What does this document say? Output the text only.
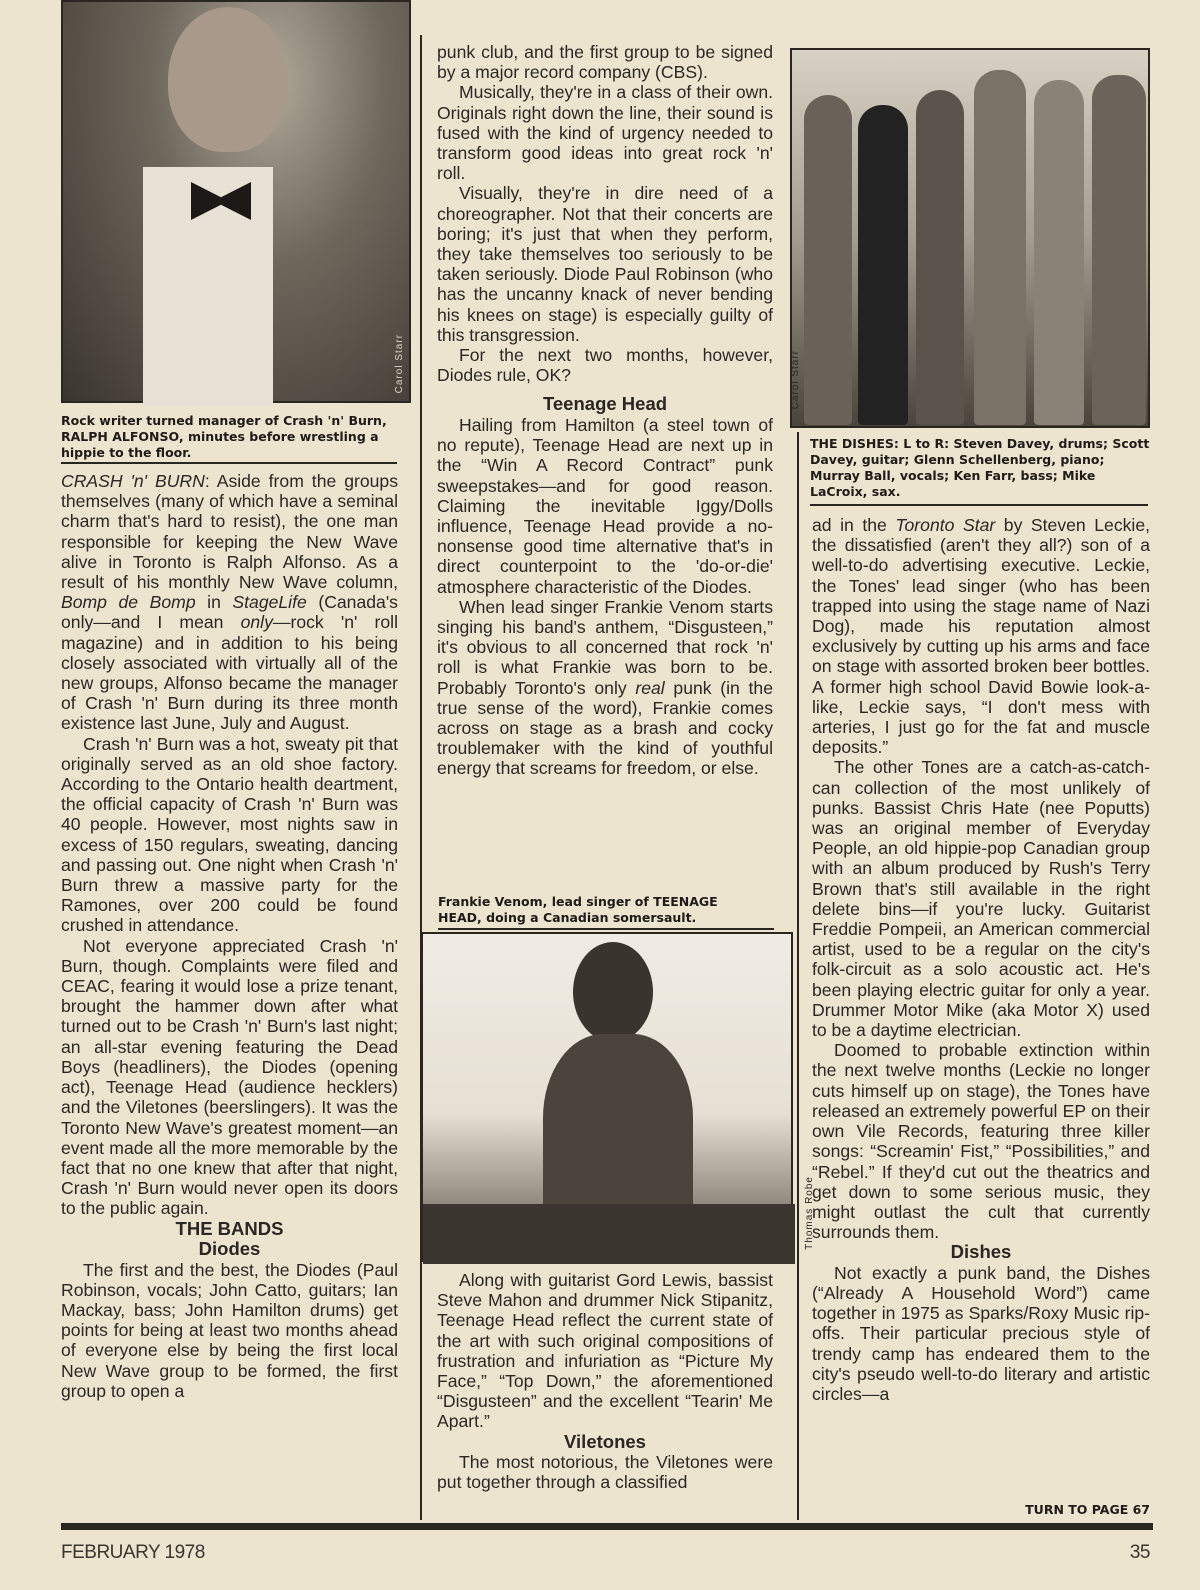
Carol Starr
Rock writer turned manager of Crash 'n' Burn, RALPH ALFONSO, minutes before wrestling a hippie to the floor.
Carol Starr
THE DISHES: L to R: Steven Davey, drums; Scott Davey, guitar; Glenn Schellenberg, piano; Murray Ball, vocals; Ken Farr, bass; Mike LaCroix, sax.
Frankie Venom, lead singer of TEENAGE HEAD, doing a Canadian somersault.
Thomas Robe

CRASH 'n' BURN: Aside from the groups themselves (many of which have a seminal charm that's hard to resist), the one man responsible for keeping the New Wave alive in Toronto is Ralph Alfonso. As a result of his monthly New Wave column, Bomp de Bomp in StageLife (Canada's only—and I mean only—rock 'n' roll magazine) and in addition to his being closely associated with virtually all of the new groups, Alfonso became the manager of Crash 'n' Burn during its three month existence last June, July and August.

Crash 'n' Burn was a hot, sweaty pit that originally served as an old shoe factory. According to the Ontario health deartment, the official capacity of Crash 'n' Burn was 40 people. However, most nights saw in excess of 150 regulars, sweating, dancing and passing out. One night when Crash 'n' Burn threw a massive party for the Ramones, over 200 could be found crushed in attendance.

Not everyone appreciated Crash 'n' Burn, though. Complaints were filed and CEAC, fearing it would lose a prize tenant, brought the hammer down after what turned out to be Crash 'n' Burn's last night; an all-star evening featuring the Dead Boys (headliners), the Diodes (opening act), Teenage Head (audience hecklers) and the Viletones (beerslingers). It was the Toronto New Wave's greatest moment—an event made all the more memorable by the fact that no one knew that after that night, Crash 'n' Burn would never open its doors to the public again.

THE BANDS
Diodes

The first and the best, the Diodes (Paul Robinson, vocals; John Catto, guitars; Ian Mackay, bass; John Hamilton drums) get points for being at least two months ahead of everyone else by being the first local New Wave group to be formed, the first group to open a

punk club, and the first group to be signed by a major record company (CBS).

Musically, they're in a class of their own. Originals right down the line, their sound is fused with the kind of urgency needed to transform good ideas into great rock 'n' roll.

Visually, they're in dire need of a choreographer. Not that their concerts are boring; it's just that when they perform, they take themselves too seriously to be taken seriously. Diode Paul Robinson (who has the uncanny knack of never bending his knees on stage) is especially guilty of this transgression.

For the next two months, however, Diodes rule, OK?

Teenage Head

Hailing from Hamilton (a steel town of no repute), Teenage Head are next up in the “Win A Record Contract” punk sweepstakes—and for good reason. Claiming the inevitable Iggy/Dolls influence, Teenage Head provide a no-nonsense good time alternative that's in direct counterpoint to the 'do-or-die' atmosphere characteristic of the Diodes.

When lead singer Frankie Venom starts singing his band's anthem, “Disgusteen,” it's obvious to all concerned that rock 'n' roll is what Frankie was born to be. Probably Toronto's only real punk (in the true sense of the word), Frankie comes across on stage as a brash and cocky troublemaker with the kind of youthful energy that screams for freedom, or else.

Along with guitarist Gord Lewis, bassist Steve Mahon and drummer Nick Stipanitz, Teenage Head reflect the current state of the art with such original compositions of frustration and infuriation as “Picture My Face,” “Top Down,” the aforementioned “Disgusteen” and the excellent “Tearin' Me Apart.”

Viletones

The most notorious, the Viletones were put together through a classified

ad in the Toronto Star by Steven Leckie, the dissatisfied (aren't they all?) son of a well-to-do advertising executive. Leckie, the Tones' lead singer (who has been trapped into using the stage name of Nazi Dog), made his reputation almost exclusively by cutting up his arms and face on stage with assorted broken beer bottles. A former high school David Bowie look-a-like, Leckie says, “I don't mess with arteries, I just go for the fat and muscle deposits.”

The other Tones are a catch-as-catch-can collection of the most unlikely of punks. Bassist Chris Hate (nee Poputts) was an original member of Everyday People, an old hippie-pop Canadian group with an album produced by Rush's Terry Brown that's still available in the right delete bins—if you're lucky. Guitarist Freddie Pompeii, an American commercial artist, used to be a regular on the city's folk-circuit as a solo acoustic act. He's been playing electric guitar for only a year. Drummer Motor Mike (aka Motor X) used to be a daytime electrician.

Doomed to probable extinction within the next twelve months (Leckie no longer cuts himself up on stage), the Tones have released an extremely powerful EP on their own Vile Records, featuring three killer songs: “Screamin' Fist,” “Possibilities,” and “Rebel.” If they'd cut out the theatrics and get down to some serious music, they might outlast the cult that currently surrounds them.

Dishes

Not exactly a punk band, the Dishes (“Already A Household Word”) came together in 1975 as Sparks/Roxy Music rip-offs. Their particular precious style of trendy camp has endeared them to the city's pseudo well-to-do literary and artistic circles—a

TURN TO PAGE 67
FEBRUARY 1978	35
